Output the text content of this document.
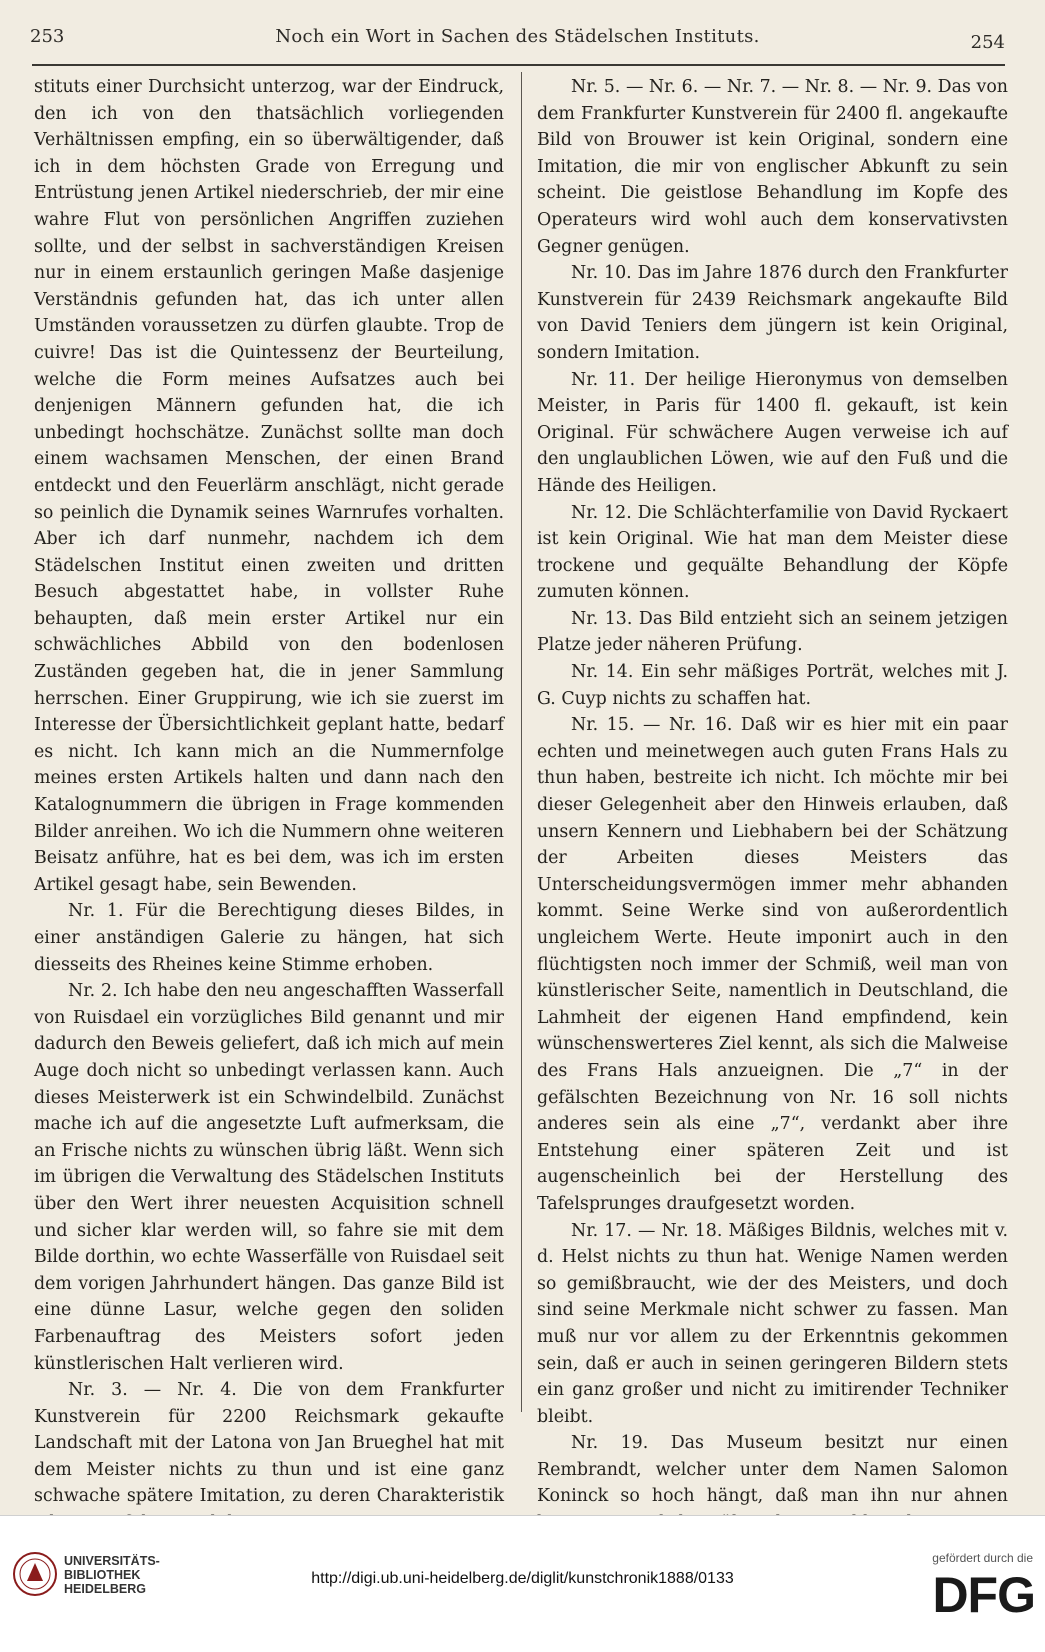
253	Noch ein Wort in Sachen des Städelschen Instituts.	254

stituts einer Durchsicht unterzog, war der Eindruck, den ich von den thatsächlich vorliegenden Verhältnissen empfing, ein so überwältigender, daß ich in dem höchsten Grade von Erregung und Entrüstung jenen Artikel niederschrieb, der mir eine wahre Flut von persönlichen Angriffen zuziehen sollte, und der selbst in sachverständigen Kreisen nur in einem erstaunlich geringen Maße dasjenige Verständnis gefunden hat, das ich unter allen Umständen voraussetzen zu dürfen glaubte. Trop de cuivre! Das ist die Quintessenz der Beurteilung, welche die Form meines Aufsatzes auch bei denjenigen Männern gefunden hat, die ich unbedingt hochschätze. Zunächst sollte man doch einem wachsamen Menschen, der einen Brand entdeckt und den Feuerlärm anschlägt, nicht gerade so peinlich die Dynamik seines Warnrufes vorhalten. Aber ich darf nunmehr, nachdem ich dem Städelschen Institut einen zweiten und dritten Besuch abgestattet habe, in vollster Ruhe behaupten, daß mein erster Artikel nur ein schwächliches Abbild von den bodenlosen Zuständen gegeben hat, die in jener Sammlung herrschen. Einer Gruppirung, wie ich sie zuerst im Interesse der Übersichtlichkeit geplant hatte, bedarf es nicht. Ich kann mich an die Nummernfolge meines ersten Artikels halten und dann nach den Katalognummern die übrigen in Frage kommenden Bilder anreihen. Wo ich die Nummern ohne weiteren Beisatz anführe, hat es bei dem, was ich im ersten Artikel gesagt habe, sein Bewenden.

Nr. 1. Für die Berechtigung dieses Bildes, in einer anständigen Galerie zu hängen, hat sich diesseits des Rheines keine Stimme erhoben.

Nr. 2. Ich habe den neu angeschafften Wasserfall von Ruisdael ein vorzügliches Bild genannt und mir dadurch den Beweis geliefert, daß ich mich auf mein Auge doch nicht so unbedingt verlassen kann. Auch dieses Meisterwerk ist ein Schwindelbild. Zunächst mache ich auf die angesetzte Luft aufmerksam, die an Frische nichts zu wünschen übrig läßt. Wenn sich im übrigen die Verwaltung des Städelschen Instituts über den Wert ihrer neuesten Acquisition schnell und sicher klar werden will, so fahre sie mit dem Bilde dorthin, wo echte Wasserfälle von Ruisdael seit dem vorigen Jahrhundert hängen. Das ganze Bild ist eine dünne Lasur, welche gegen den soliden Farbenauftrag des Meisters sofort jeden künstlerischen Halt verlieren wird.

Nr. 3. — Nr. 4. Die von dem Frankfurter Kunstverein für 2200 Reichsmark gekaufte Landschaft mit der Latona von Jan Brueghel hat mit dem Meister nichts zu thun und ist eine ganz schwache spätere Imitation, zu deren Charakteristik

Nr. 5. — Nr. 6. — Nr. 7. — Nr. 8. — Nr. 9. Das von dem Frankfurter Kunstverein für 2400 fl. angekaufte Bild von Brouwer ist kein Original, sondern eine Imitation, die mir von englischer Abkunft zu sein scheint. Die geistlose Behandlung im Kopfe des Operateurs wird wohl auch dem konservativsten Gegner genügen.

Nr. 10. Das im Jahre 1876 durch den Frankfurter Kunstverein für 2439 Reichsmark angekaufte Bild von David Teniers dem jüngern ist kein Original, sondern Imitation.

Nr. 11. Der heilige Hieronymus von demselben Meister, in Paris für 1400 fl. gekauft, ist kein Original. Für schwächere Augen verweise ich auf den unglaublichen Löwen, wie auf den Fuß und die Hände des Heiligen.

Nr. 12. Die Schlächterfamilie von David Ryckaert ist kein Original. Wie hat man dem Meister diese trockene und gequälte Behandlung der Köpfe zumuten können.

Nr. 13. Das Bild entzieht sich an seinem jetzigen Platze jeder näheren Prüfung.

Nr. 14. Ein sehr mäßiges Porträt, welches mit J. G. Cuyp nichts zu schaffen hat.

Nr. 15. — Nr. 16. Daß wir es hier mit ein paar echten und meinetwegen auch guten Frans Hals zu thun haben, bestreite ich nicht. Ich möchte mir bei dieser Gelegenheit aber den Hinweis erlauben, daß unsern Kennern und Liebhabern bei der Schätzung der Arbeiten dieses Meisters das Unterscheidungsvermögen immer mehr abhanden kommt. Seine Werke sind von außerordentlich ungleichem Werte. Heute imponirt auch in den flüchtigsten noch immer der Schmiß, weil man von künstlerischer Seite, namentlich in Deutschland, die Lahmheit der eigenen Hand empfindend, kein wünschenswerteres Ziel kennt, als sich die Malweise des Frans Hals anzueignen. Die „7“ in der gefälschten Bezeichnung von Nr. 16 soll nichts anderes sein als eine „7“, verdankt aber ihre Entstehung einer späteren Zeit und ist augenscheinlich bei der Herstellung des Tafelsprunges draufgesetzt worden.

Nr. 17. — Nr. 18. Mäßiges Bildnis, welches mit v. d. Helst nichts zu thun hat. Wenige Namen werden so gemißbraucht, wie der des Meisters, und doch sind seine Merkmale nicht schwer zu fassen. Man muß nur vor allem zu der Erkenntnis gekommen sein, daß er auch in seinen geringeren Bildern stets ein ganz großer und nicht zu imitirender Techniker bleibt.

Nr. 19. Das Museum besitzt nur einen Rembrandt, welcher unter dem Namen Salomon Koninck so hoch hängt, daß man ihn nur ahnen

UNIVERSITÄTS-
BIBLIOTHEK
HEIDELBERG
http://digi.ub.uni-heidelberg.de/diglit/kunstchronik1888/0133
gefördert durch die
DFG
